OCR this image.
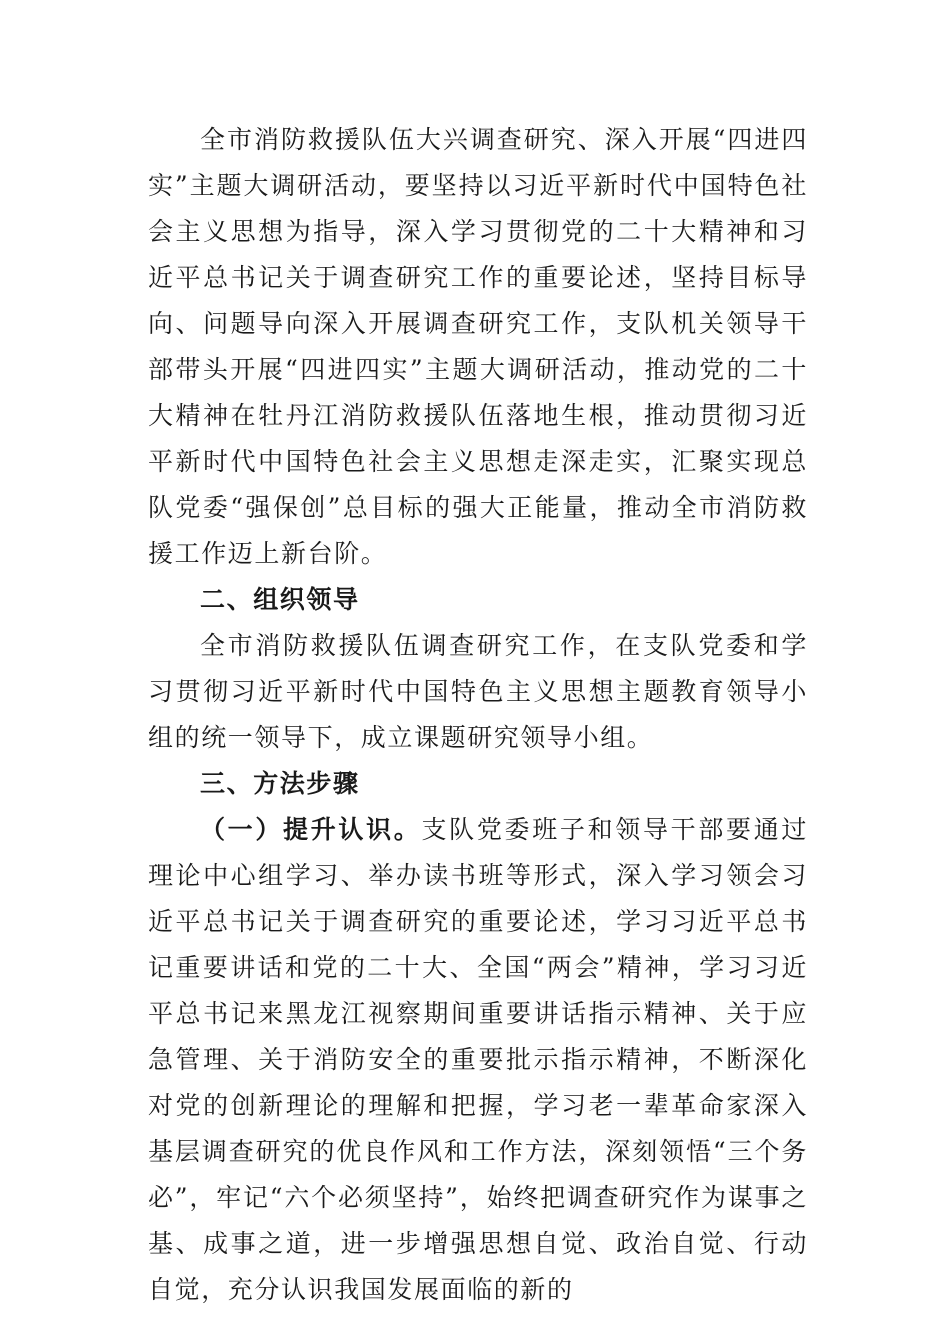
全市消防救援队伍大兴调查研究、深入开展“四进四实”主题大调研活动，要坚持以习近平新时代中国特色社会主义思想为指导，深入学习贯彻党的二十大精神和习近平总书记关于调查研究工作的重要论述，坚持目标导向、问题导向深入开展调查研究工作，支队机关领导干部带头开展“四进四实”主题大调研活动，推动党的二十大精神在牡丹江消防救援队伍落地生根，推动贯彻习近平新时代中国特色社会主义思想走深走实，汇聚实现总队党委“强保创”总目标的强大正能量，推动全市消防救援工作迈上新台阶。

二、组织领导

全市消防救援队伍调查研究工作，在支队党委和学习贯彻习近平新时代中国特色主义思想主题教育领导小组的统一领导下，成立课题研究领导小组。

三、方法步骤

（一）提升认识。支队党委班子和领导干部要通过理论中心组学习、举办读书班等形式，深入学习领会习近平总书记关于调查研究的重要论述，学习习近平总书记重要讲话和党的二十大、全国“两会”精神，学习习近平总书记来黑龙江视察期间重要讲话指示精神、关于应急管理、关于消防安全的重要批示指示精神，不断深化对党的创新理论的理解和把握，学习老一辈革命家深入基层调查研究的优良作风和工作方法，深刻领悟“三个务必”，牢记“六个必须坚持”，始终把调查研究作为谋事之基、成事之道，进一步增强思想自觉、政治自觉、行动自觉，充分认识我国发展面临的新的
